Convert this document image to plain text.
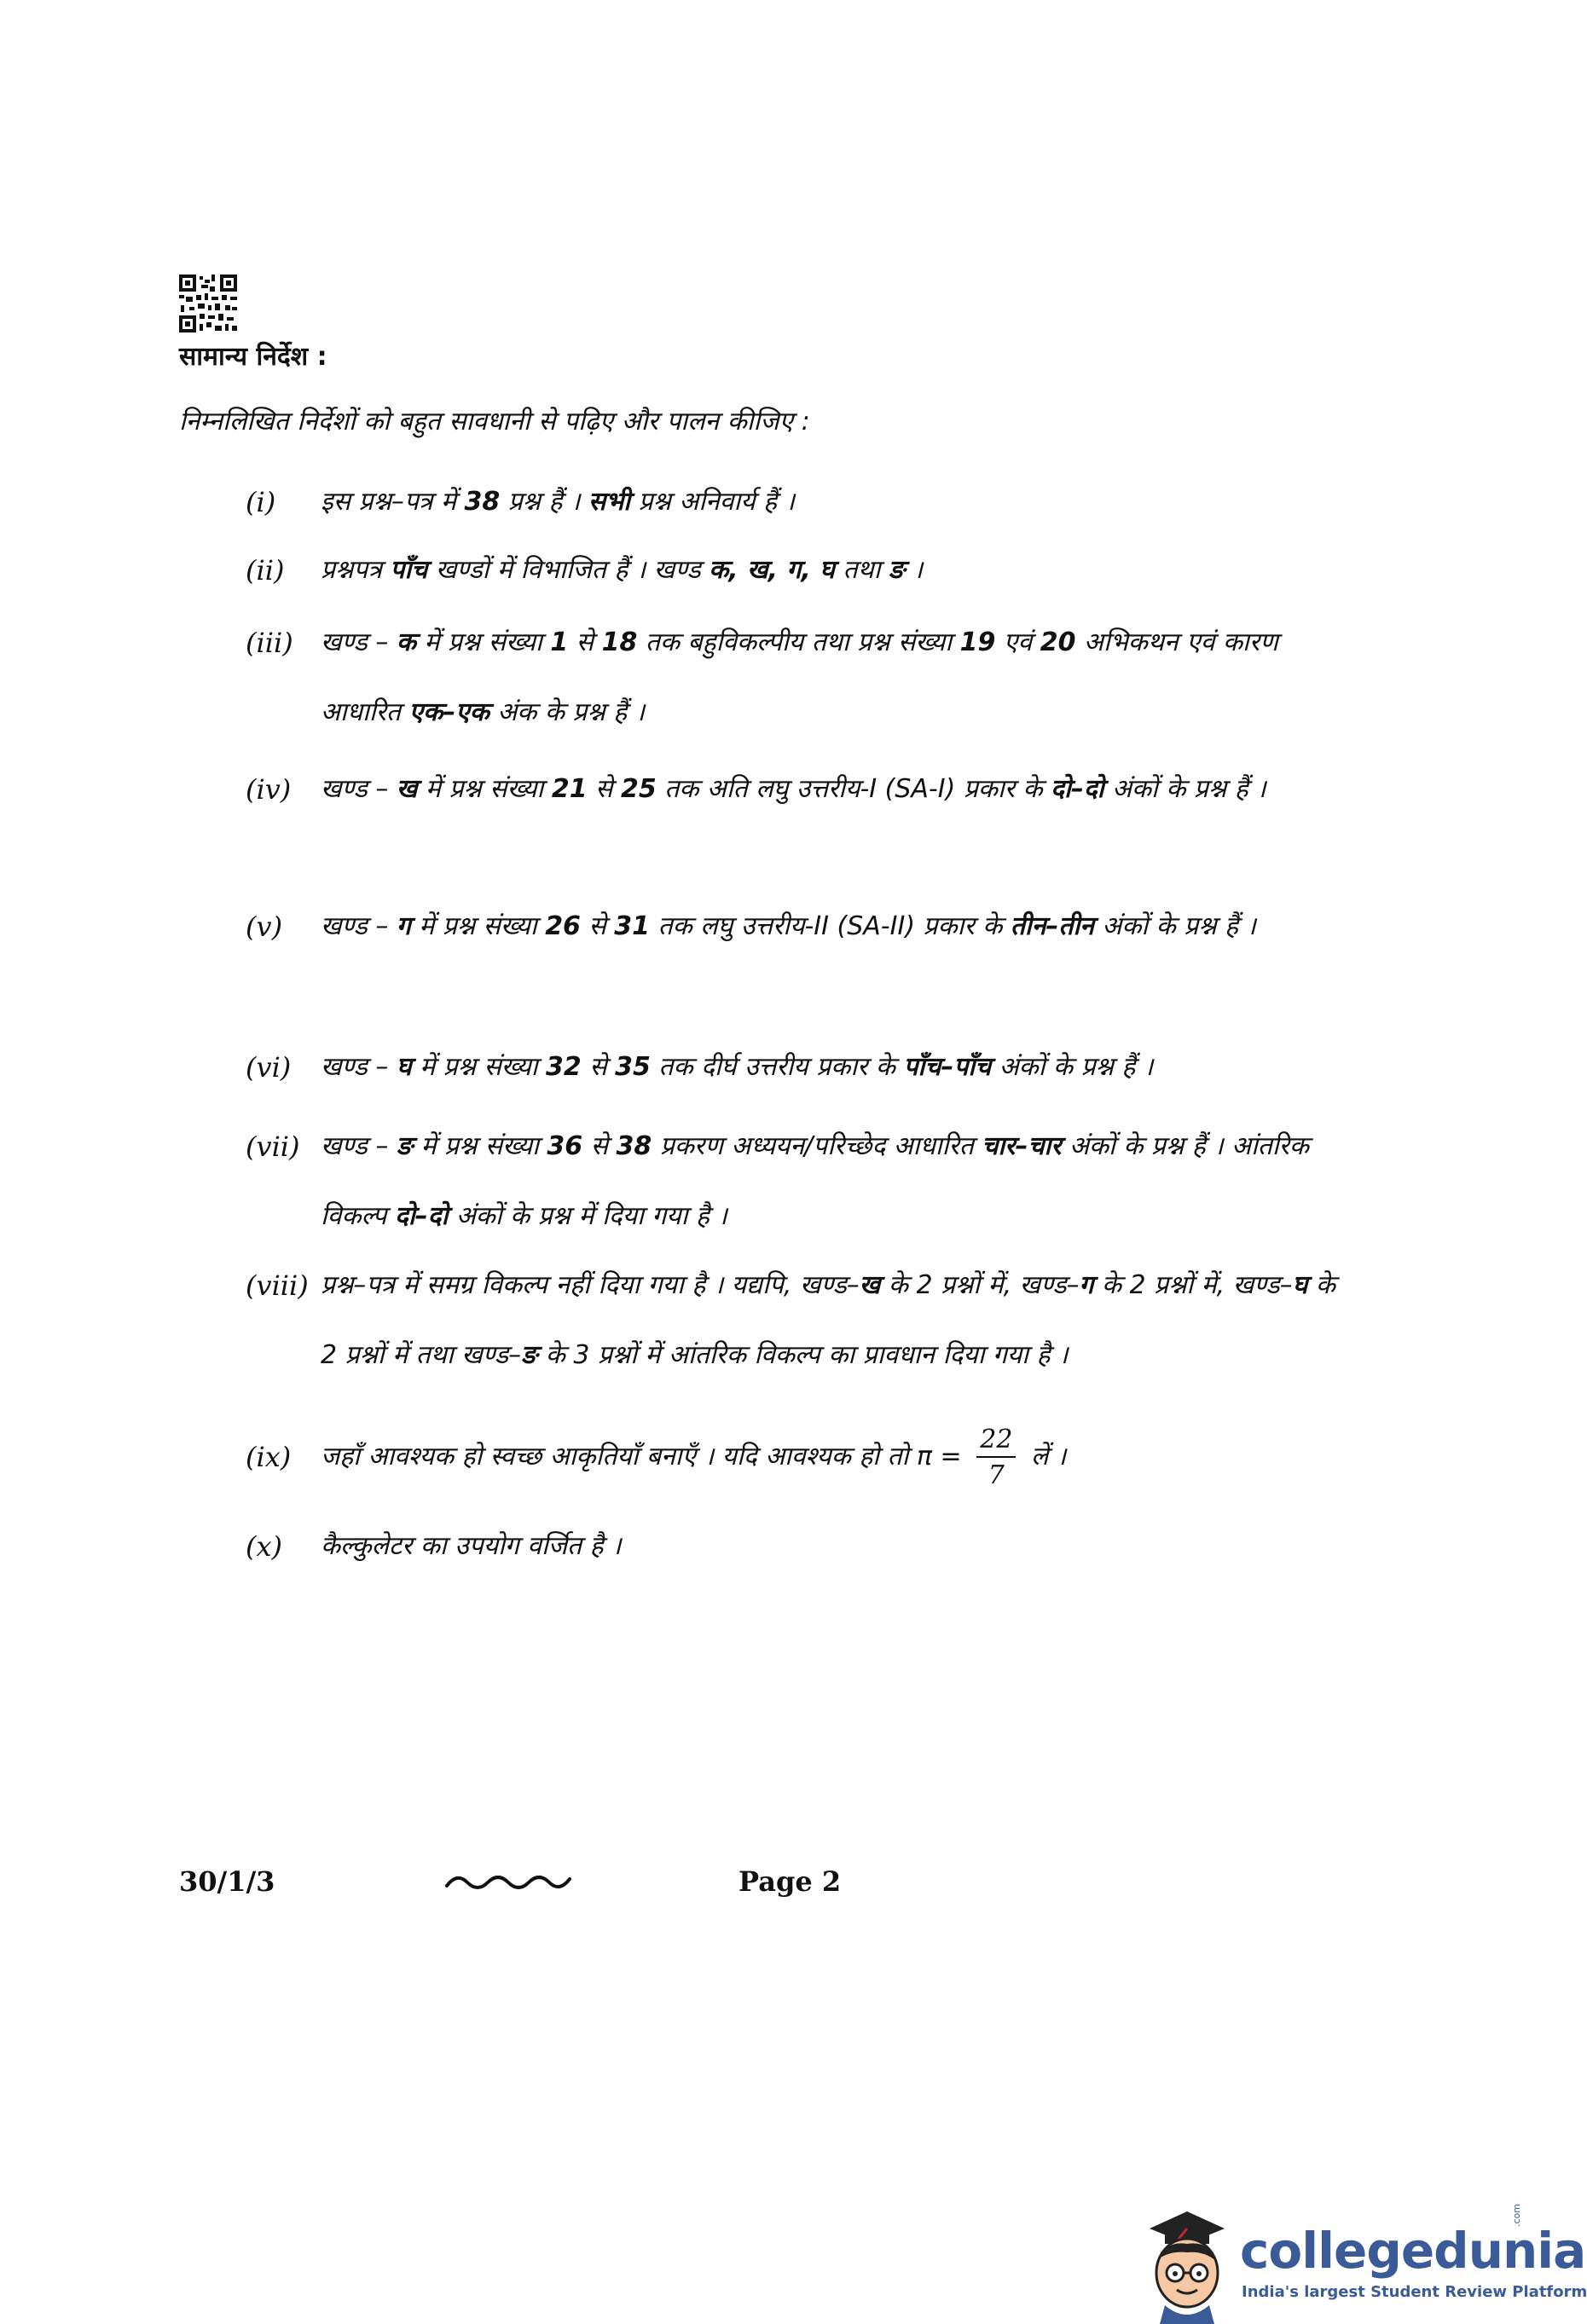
सामान्य निर्देश :
निम्नलिखित निर्देशों को बहुत सावधानी से पढ़िए और पालन कीजिए :
(i) इस प्रश्न–पत्र में 38 प्रश्न हैं । सभी प्रश्न अनिवार्य हैं ।
(ii) प्रश्नपत्र पाँच खण्डों में विभाजित हैं । खण्ड क, ख, ग, घ तथा ङ ।
(iii) खण्ड – क में प्रश्न संख्या 1 से 18 तक बहुविकल्पीय तथा प्रश्न संख्या 19 एवं 20 अभिकथन एवं कारण आधारित एक–एक अंक के प्रश्न हैं ।
(iv) खण्ड – ख में प्रश्न संख्या 21 से 25 तक अति लघु उत्तरीय-I (SA-I) प्रकार के दो–दो अंकों के प्रश्न हैं ।
(v) खण्ड – ग में प्रश्न संख्या 26 से 31 तक लघु उत्तरीय-II (SA-II) प्रकार के तीन–तीन अंकों के प्रश्न हैं ।
(vi) खण्ड – घ में प्रश्न संख्या 32 से 35 तक दीर्घ उत्तरीय प्रकार के पाँच–पाँच अंकों के प्रश्न हैं ।
(vii) खण्ड – ङ में प्रश्न संख्या 36 से 38 प्रकरण अध्ययन/परिच्छेद आधारित चार–चार अंकों के प्रश्न हैं । आंतरिक विकल्प दो–दो अंकों के प्रश्न में दिया गया है ।
(viii) प्रश्न–पत्र में समग्र विकल्प नहीं दिया गया है । यद्यपि, खण्ड–ख के 2 प्रश्नों में, खण्ड–ग के 2 प्रश्नों में, खण्ड–घ के 2 प्रश्नों में तथा खण्ड–ङ के 3 प्रश्नों में आंतरिक विकल्प का प्रावधान दिया गया है ।
(ix) जहाँ आवश्यक हो स्वच्छ आकृतियाँ बनाएँ । यदि आवश्यक हो तो $\pi = \frac{22}{7}$ लें ।
(x) कैल्कुलेटर का उपयोग वर्जित है ।
30/1/3	Page 2
collegedunia
.com
India's largest Student Review Platform
